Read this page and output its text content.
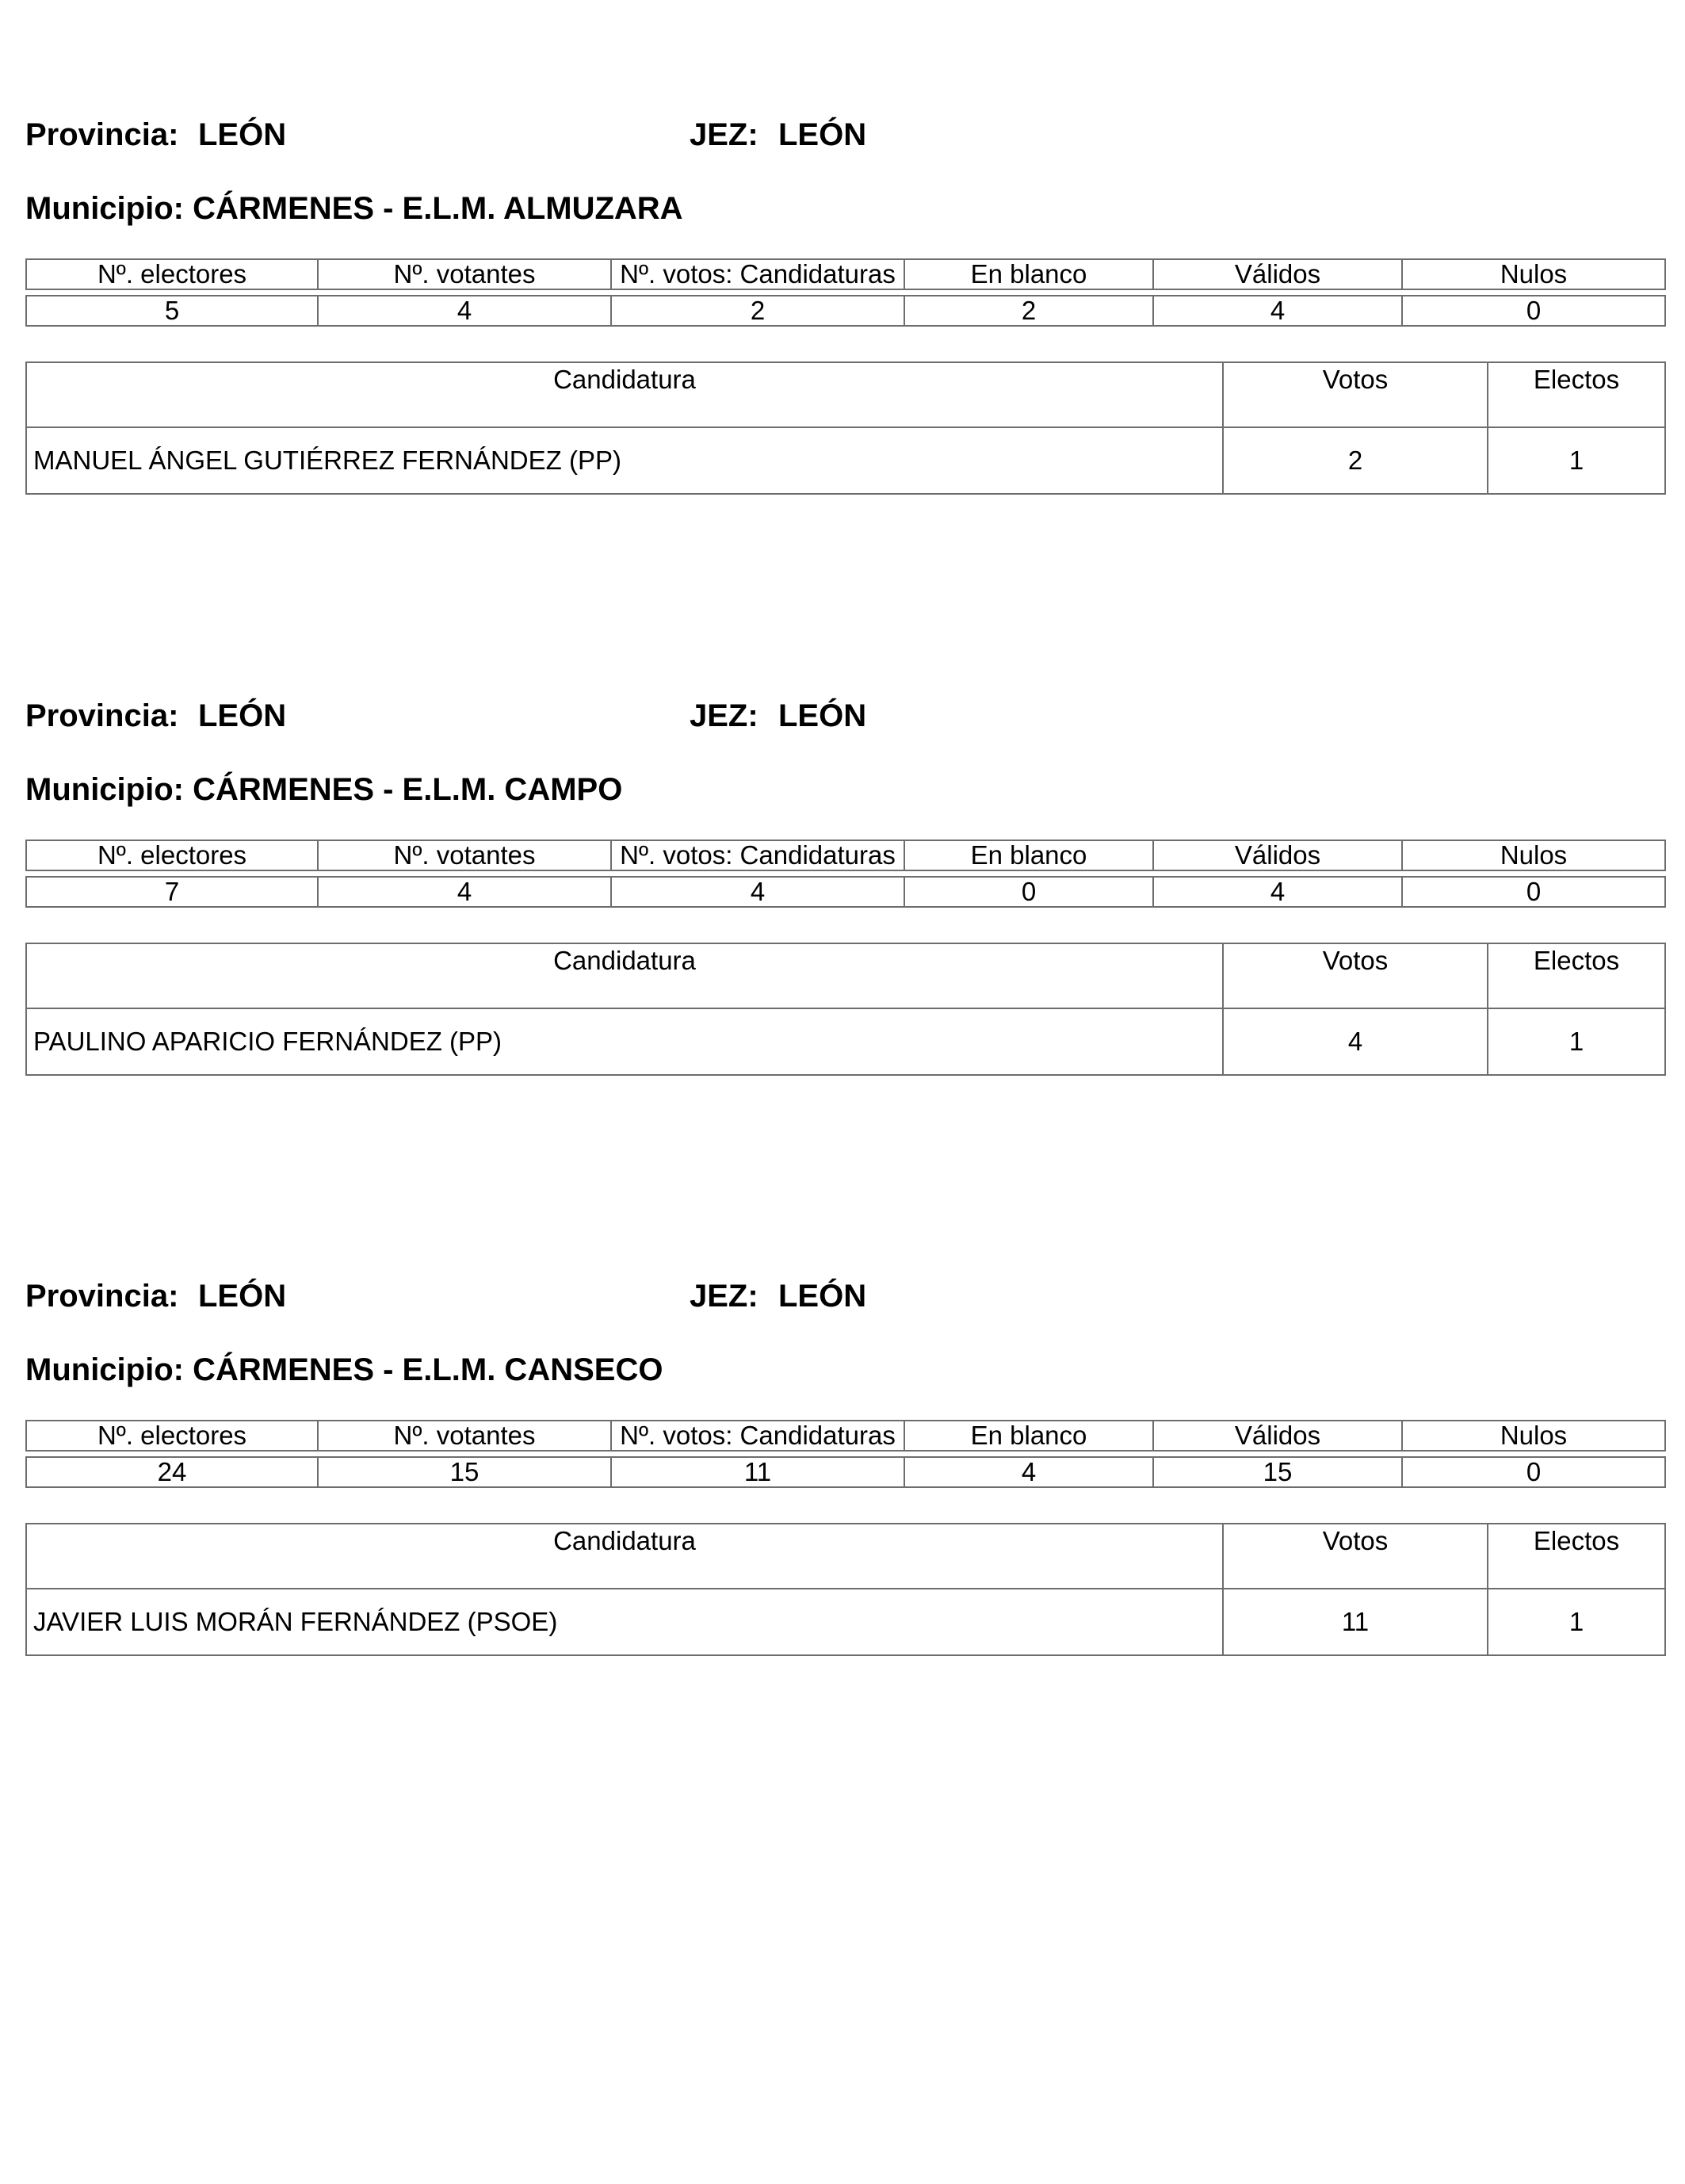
Provincia: LEÓN	JEZ: LEÓN
Municipio: CÁRMENES - E.L.M. ALMUZARA
Nº. electores	Nº. votantes	Nº. votos: Candidaturas	En blanco	Válidos	Nulos

5	4	2	2	4	0
Candidatura	Votos	Electos
MANUEL ÁNGEL GUTIÉRREZ FERNÁNDEZ (PP)	2	1
Provincia: LEÓN	JEZ: LEÓN
Municipio: CÁRMENES - E.L.M. CAMPO
Nº. electores	Nº. votantes	Nº. votos: Candidaturas	En blanco	Válidos	Nulos

7	4	4	0	4	0
Candidatura	Votos	Electos
PAULINO APARICIO FERNÁNDEZ (PP)	4	1
Provincia: LEÓN	JEZ: LEÓN
Municipio: CÁRMENES - E.L.M. CANSECO
Nº. electores	Nº. votantes	Nº. votos: Candidaturas	En blanco	Válidos	Nulos

24	15	11	4	15	0
Candidatura	Votos	Electos
JAVIER LUIS MORÁN FERNÁNDEZ (PSOE)	11	1
